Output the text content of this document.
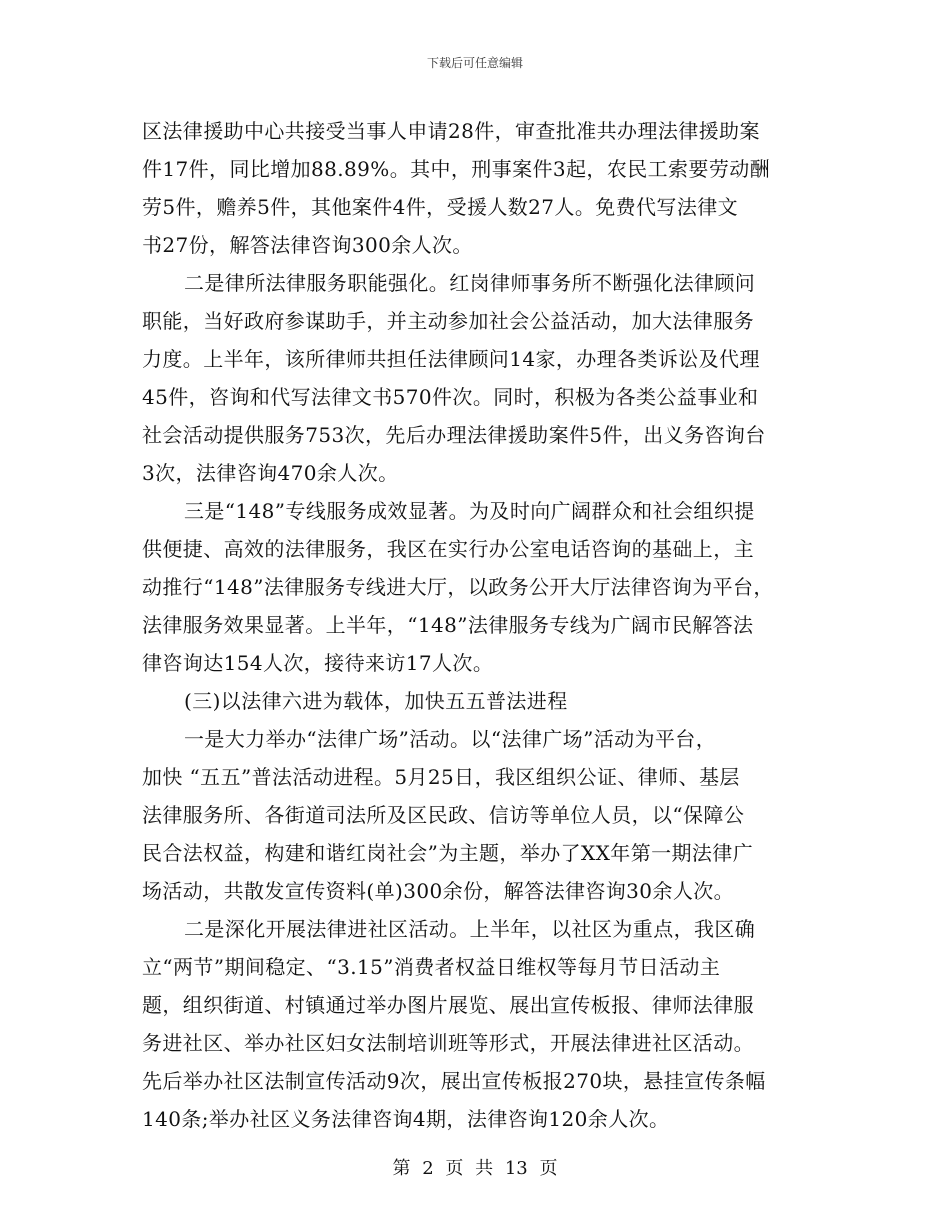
下载后可任意编辑
区法律援助中心共接受当事人申请28件，审查批准共办理法律援助案
件17件，同比增加88.89%。其中，刑事案件3起，农民工索要劳动酬
劳5件，赡养5件，其他案件4件，受援人数27人。免费代写法律文
书27份，解答法律咨询300余人次。
二是律所法律服务职能强化。红岗律师事务所不断强化法律顾问
职能，当好政府参谋助手，并主动参加社会公益活动，加大法律服务
力度。上半年，该所律师共担任法律顾问14家，办理各类诉讼及代理
45件，咨询和代写法律文书570件次。同时，积极为各类公益事业和
社会活动提供服务753次，先后办理法律援助案件5件，出义务咨询台
3次，法律咨询470余人次。
三是“148”专线服务成效显著。为及时向广阔群众和社会组织提
供便捷、高效的法律服务，我区在实行办公室电话咨询的基础上，主
动推行“148”法律服务专线进大厅，以政务公开大厅法律咨询为平台，
法律服务效果显著。上半年，“148”法律服务专线为广阔市民解答法
律咨询达154人次，接待来访17人次。
(三)以法律六进为载体，加快五五普法进程
一是大力举办“法律广场”活动。以“法律广场”活动为平台，
加快 “五五”普法活动进程。5月25日，我区组织公证、律师、基层
法律服务所、各街道司法所及区民政、信访等单位人员，以“保障公
民合法权益，构建和谐红岗社会”为主题，举办了XX年第一期法律广
场活动，共散发宣传资料(单)300余份，解答法律咨询30余人次。
二是深化开展法律进社区活动。上半年，以社区为重点，我区确
立“两节”期间稳定、“3.15”消费者权益日维权等每月节日活动主
题，组织街道、村镇通过举办图片展览、展出宣传板报、律师法律服
务进社区、举办社区妇女法制培训班等形式，开展法律进社区活动。
先后举办社区法制宣传活动9次，展出宣传板报270块，悬挂宣传条幅
140条;举办社区义务法律咨询4期，法律咨询120余人次。
第 2 页 共 13 页
